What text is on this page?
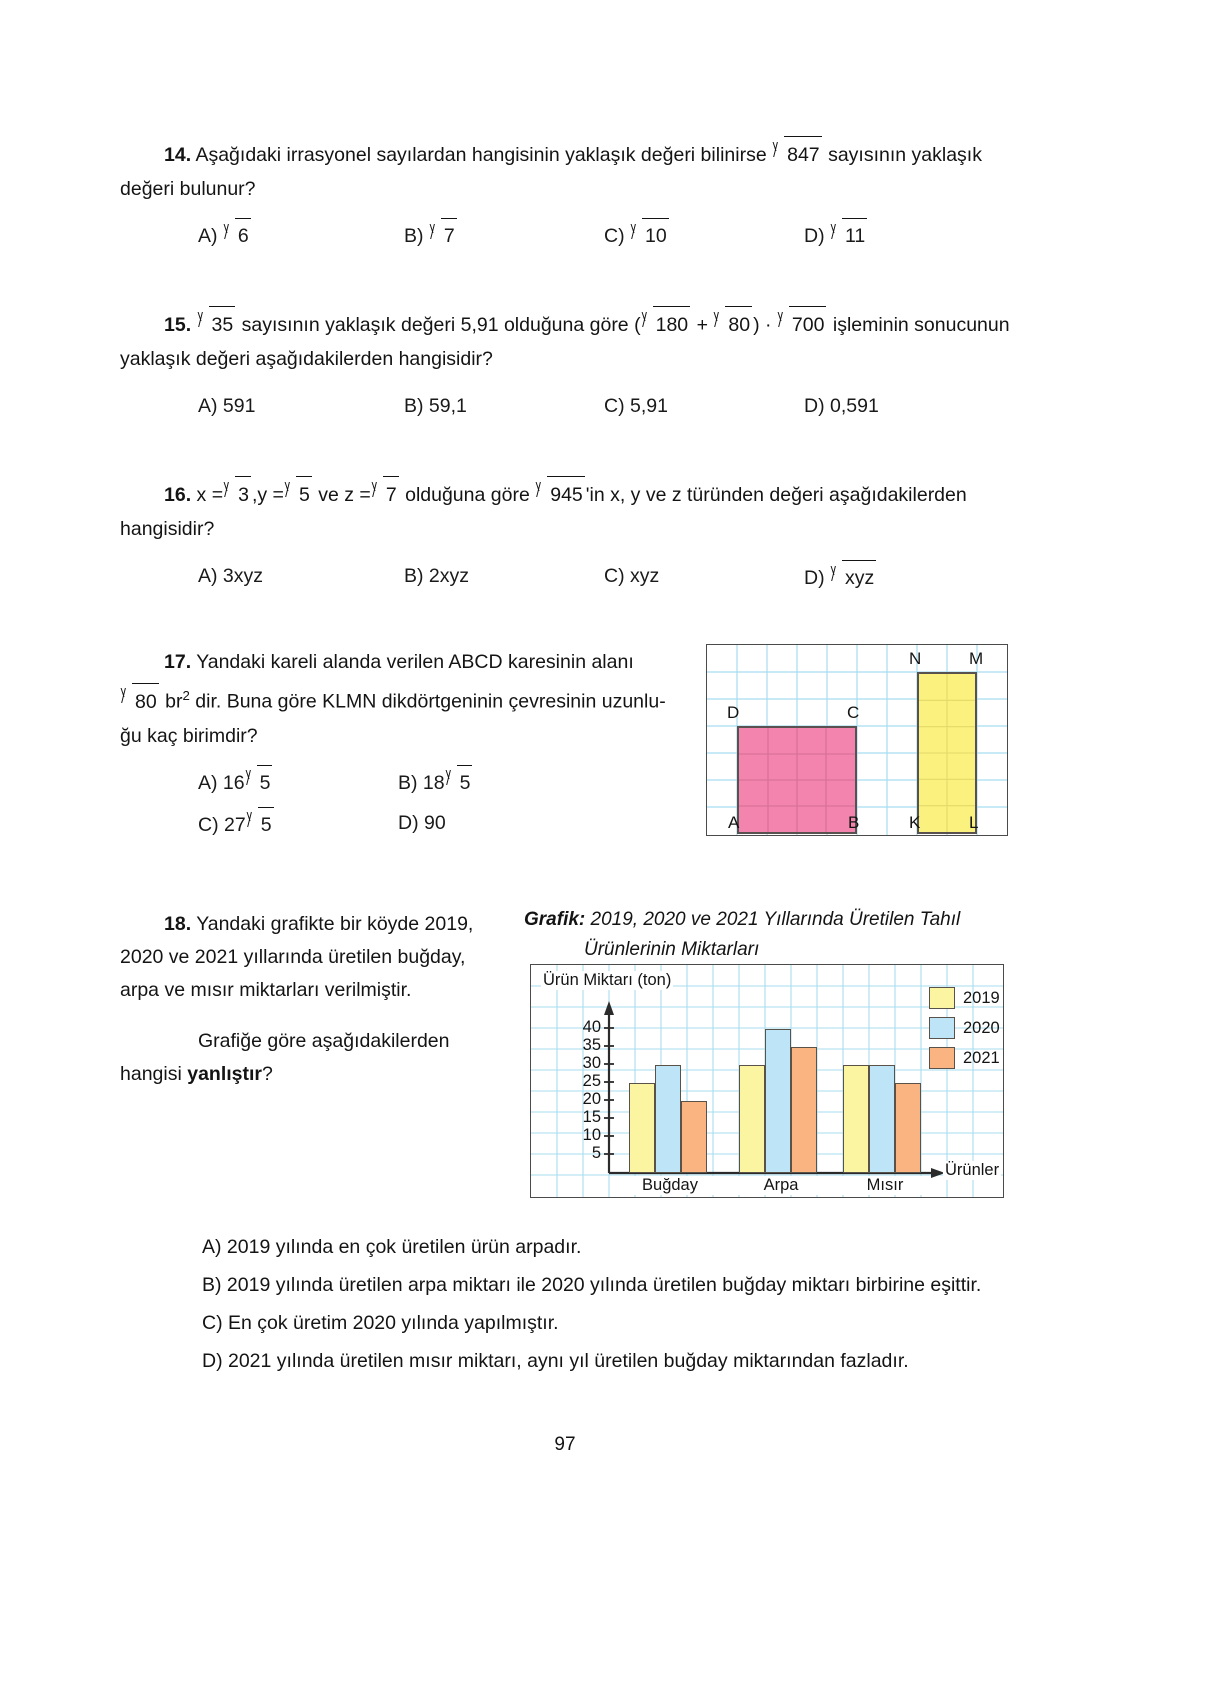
14. Aşağıdaki irrasyonel sayılardan hangisinin yaklaşık değeri bilinirse 847 sayısının yaklaşık
değeri bulunur?
A) 6	B) 7	C) 10	D) 11
15. 35 sayısının yaklaşık değeri 5,91 olduğuna göre ( 180 + 80 ) · 700 işleminin sonucunun
yaklaşık değeri aşağıdakilerden hangisidir?
A) 591	B) 59,1	C) 5,91	D) 0,591
16. x = 3 ,y = 5 ve z = 7 olduğuna göre 945 'in x, y ve z türünden değeri aşağıdakilerden
hangisidir?
A) 3xyz	B) 2xyz	C) xyz	D) xyz
17. Yandaki kareli alanda verilen ABCD karesinin alanı
80 $br^2$ dir. Buna göre KLMN dikdörtgeninin çevresinin uzunlu-
ğu kaç birimdir?
A) 16 5	B) 18 5
C) 27 5	D) 90
D	C
A	B
N	M
K	L
18. Yandaki grafikte bir köyde 2019,
2020 ve 2021 yıllarında üretilen buğday,
arpa ve mısır miktarları verilmiştir.
Grafiğe göre aşağıdakilerden
hangisi yanlıştır?
Grafik: 2019, 2020 ve 2021 Yıllarında Üretilen Tahıl
Ürünlerinin Miktarları
Ürün Miktarı (ton)
Ürünler
40
35
30
25
20
15
10
5
Buğday	Arpa	Mısır
2019
2020
2021
A) 2019 yılında en çok üretilen ürün arpadır.
B) 2019 yılında üretilen arpa miktarı ile 2020 yılında üretilen buğday miktarı birbirine eşittir.
C) En çok üretim 2020 yılında yapılmıştır.
D) 2021 yılında üretilen mısır miktarı, aynı yıl üretilen buğday miktarından fazladır.
97
